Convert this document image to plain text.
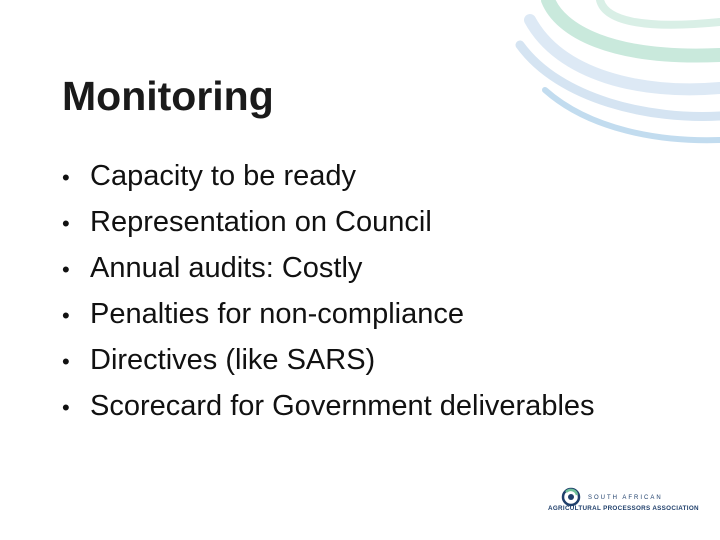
Monitoring
• Capacity to be ready
• Representation on Council
• Annual audits: Costly
• Penalties for non-compliance
• Directives (like SARS)
• Scorecard for Government deliverables
SOUTH AFRICAN
AGRICULTURAL PROCESSORS ASSOCIATION
